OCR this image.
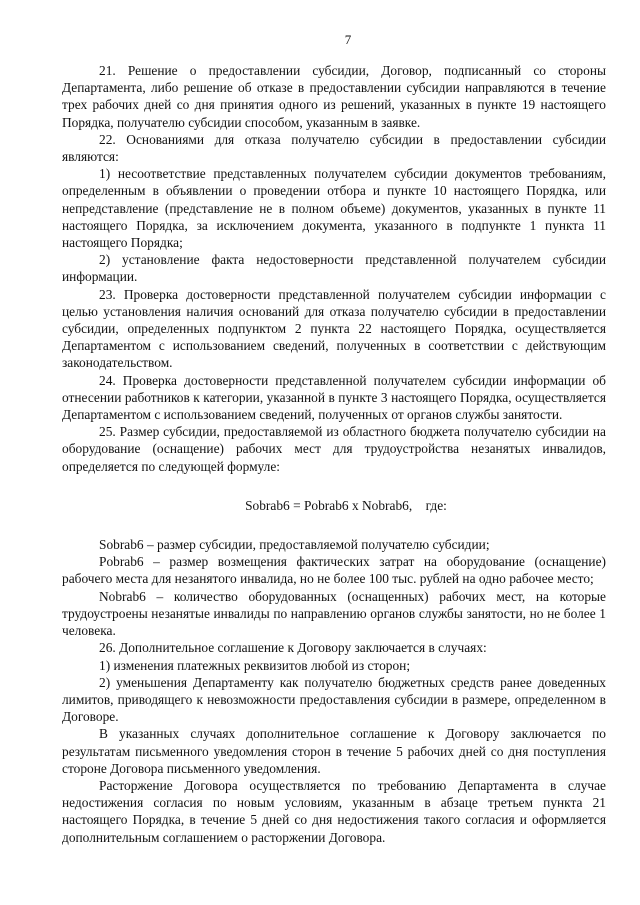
7

21. Решение о предоставлении субсидии, Договор, подписанный со стороны Департамента, либо решение об отказе в предоставлении субсидии направляются в течение трех рабочих дней со дня принятия одного из решений, указанных в пункте 19 настоящего Порядка, получателю субсидии способом, указанным в заявке.

22. Основаниями для отказа получателю субсидии в предоставлении субсидии являются:

1) несоответствие представленных получателем субсидии документов требованиям, определенным в объявлении о проведении отбора и пункте 10 настоящего Порядка, или непредставление (представление не в полном объеме) документов, указанных в пункте 11 настоящего Порядка, за исключением документа, указанного в подпункте 1 пункта 11 настоящего Порядка;

2) установление факта недостоверности представленной получателем субсидии информации.

23. Проверка достоверности представленной получателем субсидии информации с целью установления наличия оснований для отказа получателю субсидии в предоставлении субсидии, определенных подпунктом 2 пункта 22 настоящего Порядка, осуществляется Департаментом с использованием сведений, полученных в соответствии с действующим законодательством.

24. Проверка достоверности представленной получателем субсидии информации об отнесении работников к категории, указанной в пункте 3 настоящего Порядка, осуществляется Департаментом с использованием сведений, полученных от органов службы занятости.

25. Размер субсидии, предоставляемой из областного бюджета получателю субсидии на оборудование (оснащение) рабочих мест для трудоустройства незанятых инвалидов, определяется по следующей формуле:

Sobrab6 = Pobrab6 x Nobrab6,    где:

Sobrab6 – размер субсидии, предоставляемой получателю субсидии;

Pobrab6 – размер возмещения фактических затрат на оборудование (оснащение) рабочего места для незанятого инвалида, но не более 100 тыс. рублей на одно рабочее место;

Nobrab6 – количество оборудованных (оснащенных) рабочих мест, на которые трудоустроены незанятые инвалиды по направлению органов службы занятости, но не более 1 человека.

26. Дополнительное соглашение к Договору заключается в случаях:

1) изменения платежных реквизитов любой из сторон;

2) уменьшения Департаменту как получателю бюджетных средств ранее доведенных лимитов, приводящего к невозможности предоставления субсидии в размере, определенном в Договоре.

В указанных случаях дополнительное соглашение к Договору заключается по результатам письменного уведомления сторон в течение 5 рабочих дней со дня поступления стороне Договора письменного уведомления.

Расторжение Договора осуществляется по требованию Департамента в случае недостижения согласия по новым условиям, указанным в абзаце третьем пункта 21 настоящего Порядка, в течение 5 дней со дня недостижения такого согласия и оформляется дополнительным соглашением о расторжении Договора.
